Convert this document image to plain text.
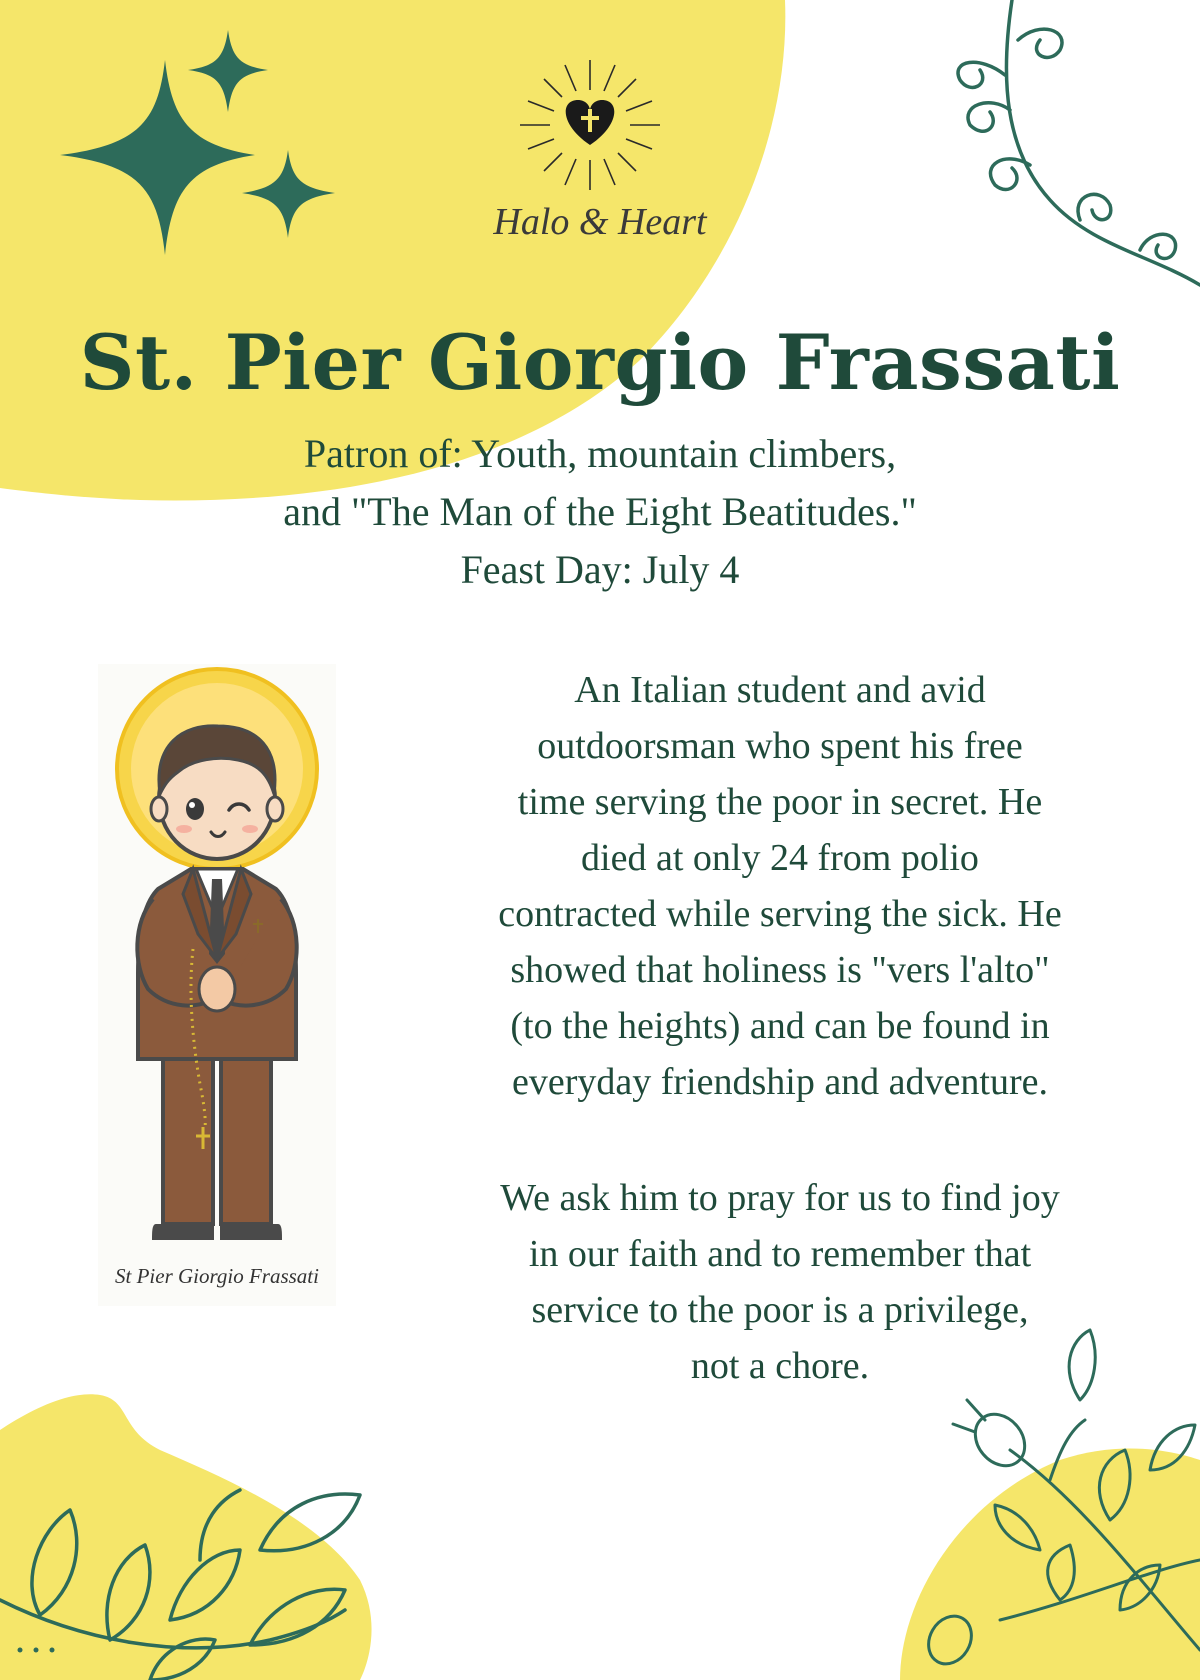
Halo & Heart
St. Pier Giorgio Frassati
Patron of: Youth, mountain climbers,
and "The Man of the Eight Beatitudes."
Feast Day: July 4
St Pier Giorgio Frassati
An Italian student and avid
outdoorsman who spent his free
time serving the poor in secret. He
died at only 24 from polio
contracted while serving the sick. He
showed that holiness is "vers l'alto"
(to the heights) and can be found in
everyday friendship and adventure.
We ask him to pray for us to find joy
in our faith and to remember that
service to the poor is a privilege,
not a chore.
